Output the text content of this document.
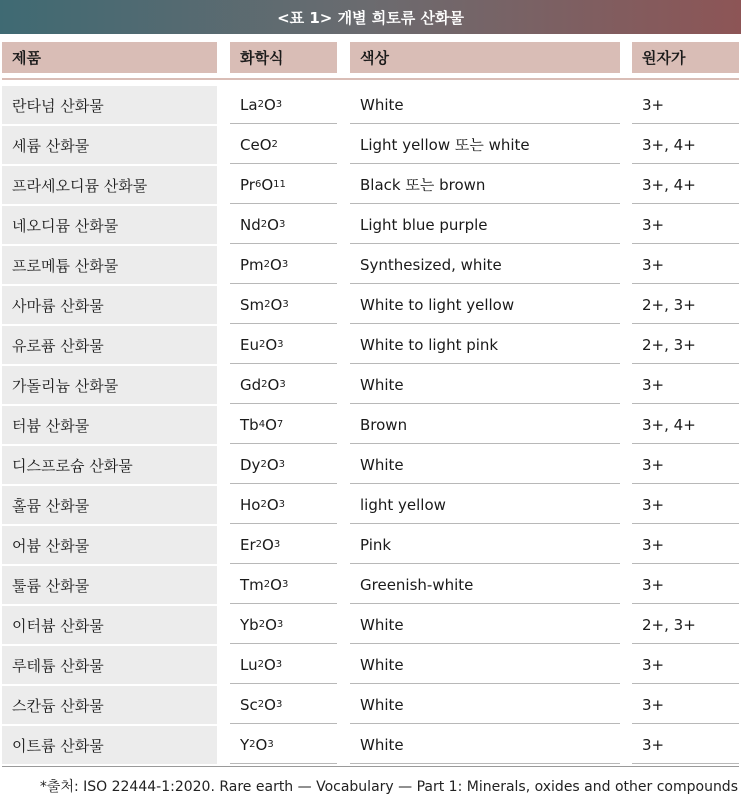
<표 1> 개별 희토류 산화물
제품	화학식	색상	원자가
란타넘 산화물	La 2 O 3	White	3+
세륨 산화물	Ce O 2	Light yellow 또는 white	3+, 4+
프라세오디뮴 산화물	Pr 6 O 11	Black 또는 brown	3+, 4+
네오디뮴 산화물	Nd 2 O 3	Light blue purple	3+
프로메튬 산화물	Pm 2 O 3	Synthesized, white	3+
사마륨 산화물	Sm 2 O 3	White to light yellow	2+, 3+
유로퓸 산화물	Eu 2 O 3	White to light pink	2+, 3+
가돌리늄 산화물	Gd 2 O 3	White	3+
터븀 산화물	Tb 4 O 7	Brown	3+, 4+
디스프로슘 산화물	Dy 2 O 3	White	3+
홀뮴 산화물	Ho 2 O 3	light yellow	3+
어븀 산화물	Er 2 O 3	Pink	3+
툴륨 산화물	Tm 2 O 3	Greenish-white	3+
이터븀 산화물	Yb 2 O 3	White	2+, 3+
루테튬 산화물	Lu 2 O 3	White	3+
스칸듐 산화물	Sc 2 O 3	White	3+
이트륨 산화물	Y 2 O 3	White	3+
*출처: ISO 22444-1:2020. Rare earth — Vocabulary — Part 1: Minerals, oxides and other compounds
